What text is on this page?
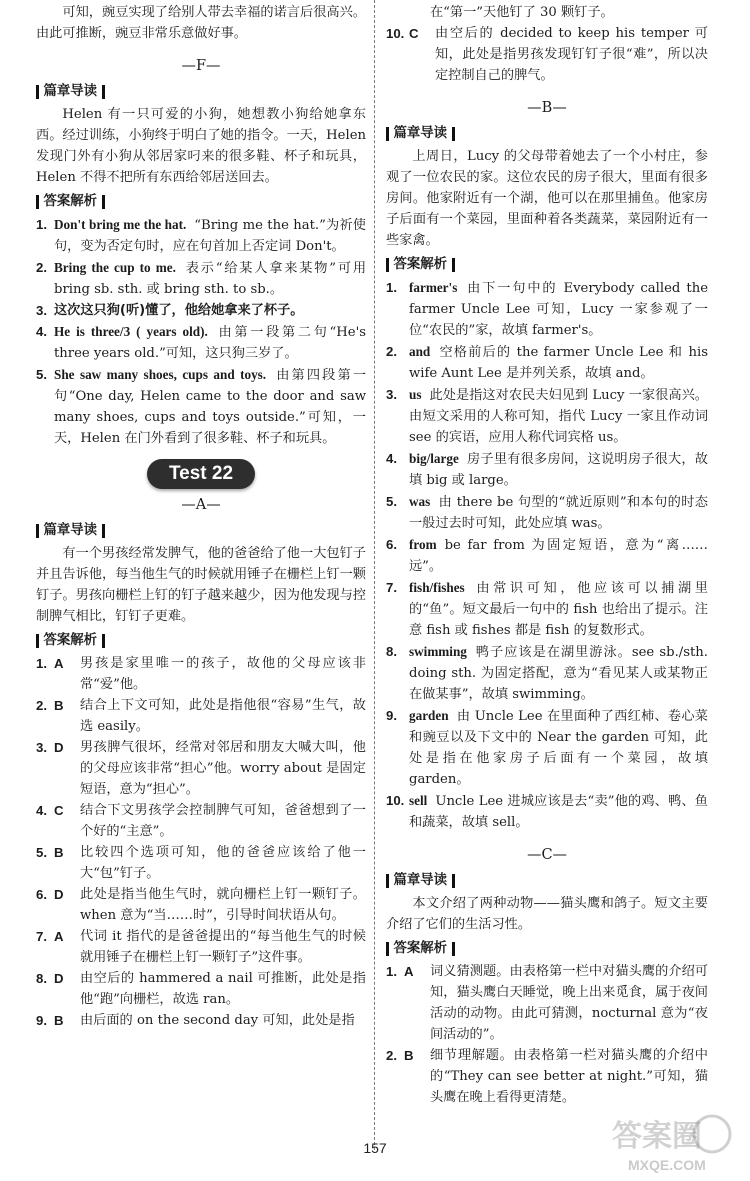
可知，豌豆实现了给别人带去幸福的诺言后很高兴。由此可推断，豌豆非常乐意做好事。

—F—
篇章导读

Helen 有一只可爱的小狗，她想教小狗给她拿东西。经过训练，小狗终于明白了她的指令。一天，Helen 发现门外有小狗从邻居家叼来的很多鞋、杯子和玩具，Helen 不得不把所有东西给邻居送回去。

答案解析
1. Don't bring me the hat. “Bring me the hat.”为祈使句，变为否定句时，应在句首加上否定词 Don't。
2. Bring the cup to me. 表示“给某人拿来某物”可用 bring sb. sth. 或 bring sth. to sb.。
3. 这次这只狗(听)懂了，他给她拿来了杯子。
4. He is three/3 ( years old). 由第一段第二句“He's three years old.”可知，这只狗三岁了。
5. She saw many shoes, cups and toys. 由第四段第一句“One day, Helen came to the door and saw many shoes, cups and toys outside.”可知，一天，Helen 在门外看到了很多鞋、杯子和玩具。
Test 22
—A—
篇章导读

有一个男孩经常发脾气，他的爸爸给了他一大包钉子并且告诉他，每当他生气的时候就用锤子在栅栏上钉一颗钉子。男孩向栅栏上钉的钉子越来越少，因为他发现与控制脾气相比，钉钉子更难。

答案解析
1. A	男孩是家里唯一的孩子，故他的父母应该非常“爱”他。
2. B	结合上下文可知，此处是指他很“容易”生气，故选 easily。
3. D	男孩脾气很坏，经常对邻居和朋友大喊大叫，他的父母应该非常“担心”他。worry about 是固定短语，意为“担心”。
4. C	结合下文男孩学会控制脾气可知，爸爸想到了一个好的“主意”。
5. B	比较四个选项可知，他的爸爸应该给了他一大“包”钉子。
6. D	此处是指当他生气时，就向栅栏上钉一颗钉子。when 意为“当……时”，引导时间状语从句。
7. A	代词 it 指代的是爸爸提出的“每当他生气的时候就用锤子在栅栏上钉一颗钉子”这件事。
8. D	由空后的 hammered a nail 可推断，此处是指他“跑”向栅栏，故选 ran。
9. B	由后面的 on the second day 可知，此处是指

在“第一”天他钉了 30 颗钉子。

10. C	由空后的 decided to keep his temper 可知，此处是指男孩发现钉钉子很“难”，所以决定控制自己的脾气。
—B—
篇章导读

上周日，Lucy 的父母带着她去了一个小村庄，参观了一位农民的家。这位农民的房子很大，里面有很多房间。他家附近有一个湖，他可以在那里捕鱼。他家房子后面有一个菜园，里面种着各类蔬菜，菜园附近有一些家禽。

答案解析
1. farmer's 由下一句中的 Everybody called the farmer Uncle Lee 可知，Lucy 一家参观了一位“农民的”家，故填 farmer's。
2. and 空格前后的 the farmer Uncle Lee 和 his wife Aunt Lee 是并列关系，故填 and。
3. us 此处是指这对农民夫妇见到 Lucy 一家很高兴。由短文采用的人称可知，指代 Lucy 一家且作动词 see 的宾语，应用人称代词宾格 us。
4. big/large 房子里有很多房间，这说明房子很大，故填 big 或 large。
5. was 由 there be 句型的“就近原则”和本句的时态一般过去时可知，此处应填 was。
6. from be far from 为固定短语，意为“离……远”。
7. fish/fishes 由常识可知，他应该可以捕湖里的“鱼”。短文最后一句中的 fish 也给出了提示。注意 fish 或 fishes 都是 fish 的复数形式。
8. swimming 鸭子应该是在湖里游泳。see sb./sth. doing sth. 为固定搭配，意为“看见某人或某物正在做某事”，故填 swimming。
9. garden 由 Uncle Lee 在里面种了西红柿、卷心菜和豌豆以及下文中的 Near the garden 可知，此处是指在他家房子后面有一个菜园，故填 garden。
10. sell Uncle Lee 进城应该是去“卖”他的鸡、鸭、鱼和蔬菜，故填 sell。
—C—
篇章导读

本文介绍了两种动物——猫头鹰和鸽子。短文主要介绍了它们的生活习性。

答案解析
1. A	词义猜测题。由表格第一栏中对猫头鹰的介绍可知，猫头鹰白天睡觉，晚上出来觅食，属于夜间活动的动物。由此可猜测，nocturnal 意为“夜间活动的”。
2. B	细节理解题。由表格第一栏对猫头鹰的介绍中的“They can see better at night.”可知，猫头鹰在晚上看得更清楚。
157	答案圈
MXQE.COM
